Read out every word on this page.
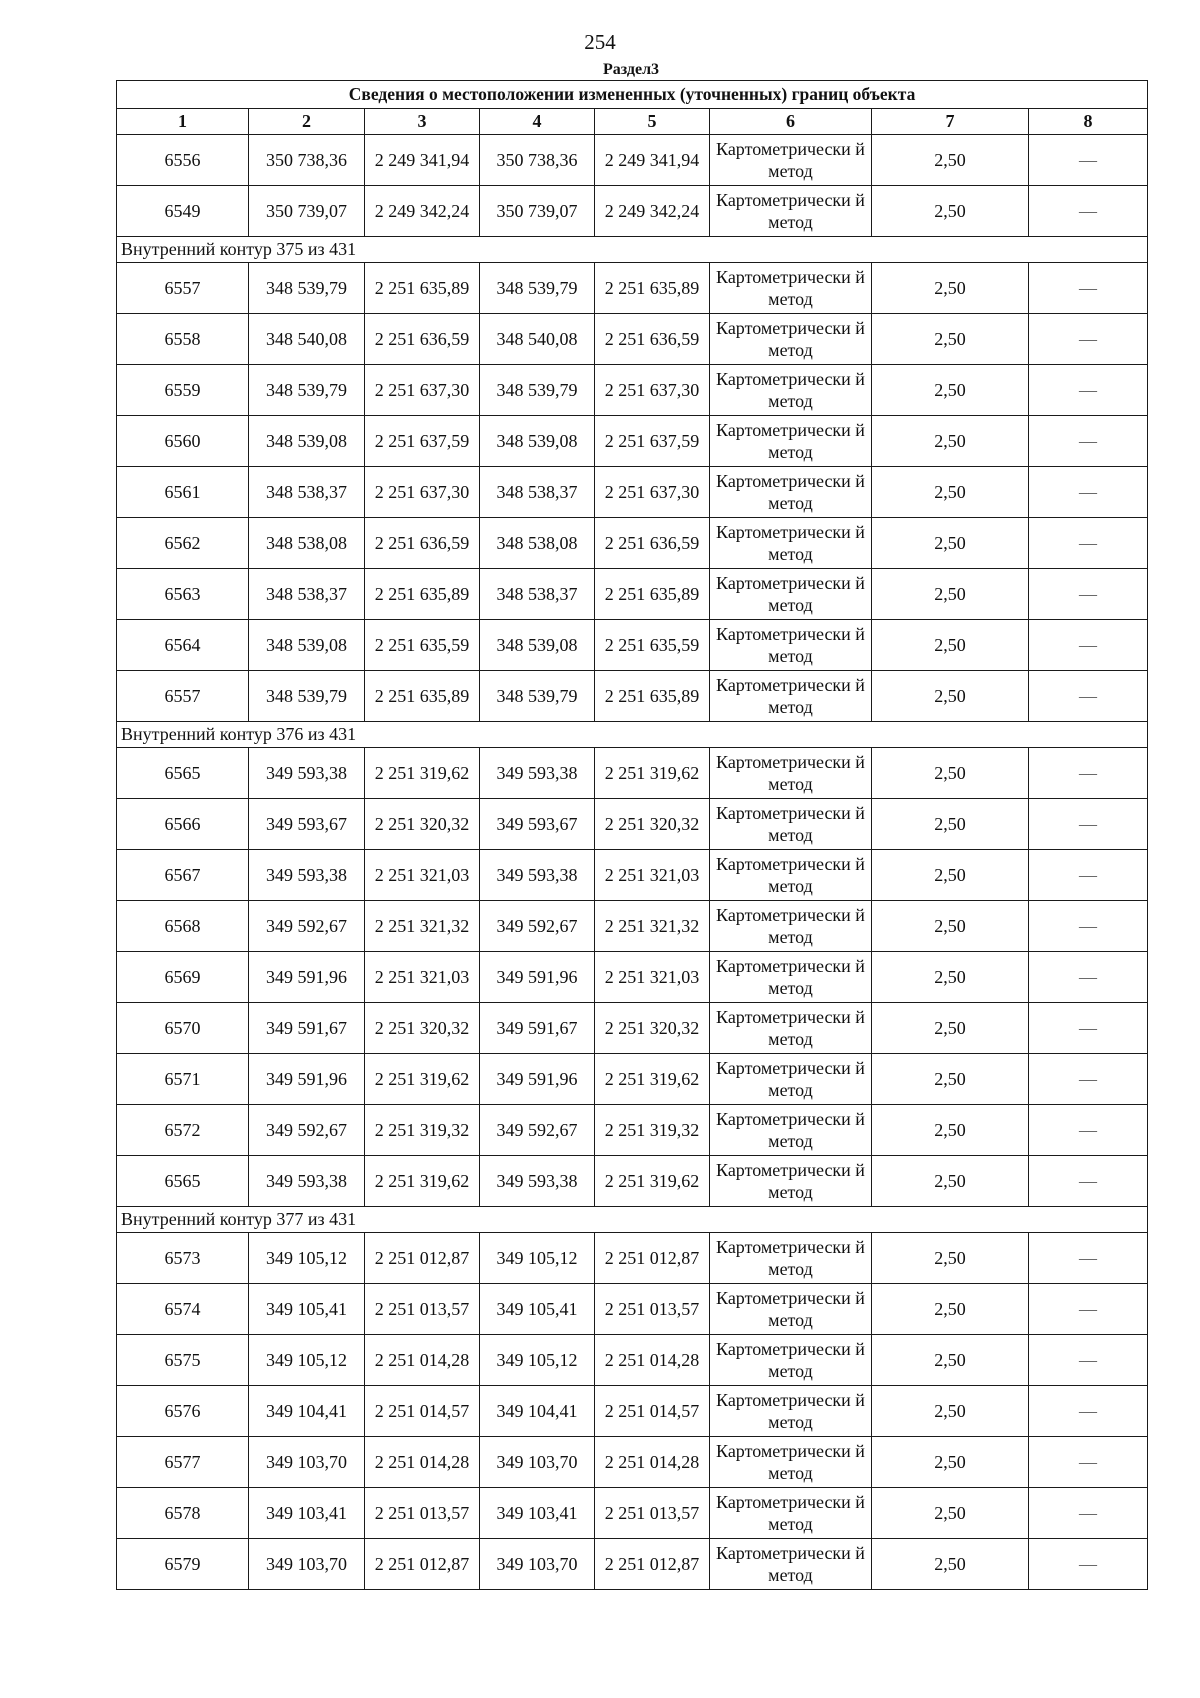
254
Раздел3
Сведения о местоположении измененных (уточненных) границ объекта							
1	2	3	4	5	6	7	8
6556	350 738,36	2 249 341,94	350 738,36	2 249 341,94	Картометрически й метод	2,50	—
6549	350 739,07	2 249 342,24	350 739,07	2 249 342,24	Картометрически й метод	2,50	—
Внутренний контур 375 из 431							
6557	348 539,79	2 251 635,89	348 539,79	2 251 635,89	Картометрически й метод	2,50	—
6558	348 540,08	2 251 636,59	348 540,08	2 251 636,59	Картометрически й метод	2,50	—
6559	348 539,79	2 251 637,30	348 539,79	2 251 637,30	Картометрически й метод	2,50	—
6560	348 539,08	2 251 637,59	348 539,08	2 251 637,59	Картометрически й метод	2,50	—
6561	348 538,37	2 251 637,30	348 538,37	2 251 637,30	Картометрически й метод	2,50	—
6562	348 538,08	2 251 636,59	348 538,08	2 251 636,59	Картометрически й метод	2,50	—
6563	348 538,37	2 251 635,89	348 538,37	2 251 635,89	Картометрически й метод	2,50	—
6564	348 539,08	2 251 635,59	348 539,08	2 251 635,59	Картометрически й метод	2,50	—
6557	348 539,79	2 251 635,89	348 539,79	2 251 635,89	Картометрически й метод	2,50	—
Внутренний контур 376 из 431							
6565	349 593,38	2 251 319,62	349 593,38	2 251 319,62	Картометрически й метод	2,50	—
6566	349 593,67	2 251 320,32	349 593,67	2 251 320,32	Картометрически й метод	2,50	—
6567	349 593,38	2 251 321,03	349 593,38	2 251 321,03	Картометрически й метод	2,50	—
6568	349 592,67	2 251 321,32	349 592,67	2 251 321,32	Картометрически й метод	2,50	—
6569	349 591,96	2 251 321,03	349 591,96	2 251 321,03	Картометрически й метод	2,50	—
6570	349 591,67	2 251 320,32	349 591,67	2 251 320,32	Картометрически й метод	2,50	—
6571	349 591,96	2 251 319,62	349 591,96	2 251 319,62	Картометрически й метод	2,50	—
6572	349 592,67	2 251 319,32	349 592,67	2 251 319,32	Картометрически й метод	2,50	—
6565	349 593,38	2 251 319,62	349 593,38	2 251 319,62	Картометрически й метод	2,50	—
Внутренний контур 377 из 431							
6573	349 105,12	2 251 012,87	349 105,12	2 251 012,87	Картометрически й метод	2,50	—
6574	349 105,41	2 251 013,57	349 105,41	2 251 013,57	Картометрически й метод	2,50	—
6575	349 105,12	2 251 014,28	349 105,12	2 251 014,28	Картометрически й метод	2,50	—
6576	349 104,41	2 251 014,57	349 104,41	2 251 014,57	Картометрически й метод	2,50	—
6577	349 103,70	2 251 014,28	349 103,70	2 251 014,28	Картометрически й метод	2,50	—
6578	349 103,41	2 251 013,57	349 103,41	2 251 013,57	Картометрически й метод	2,50	—
6579	349 103,70	2 251 012,87	349 103,70	2 251 012,87	Картометрически й метод	2,50	—
